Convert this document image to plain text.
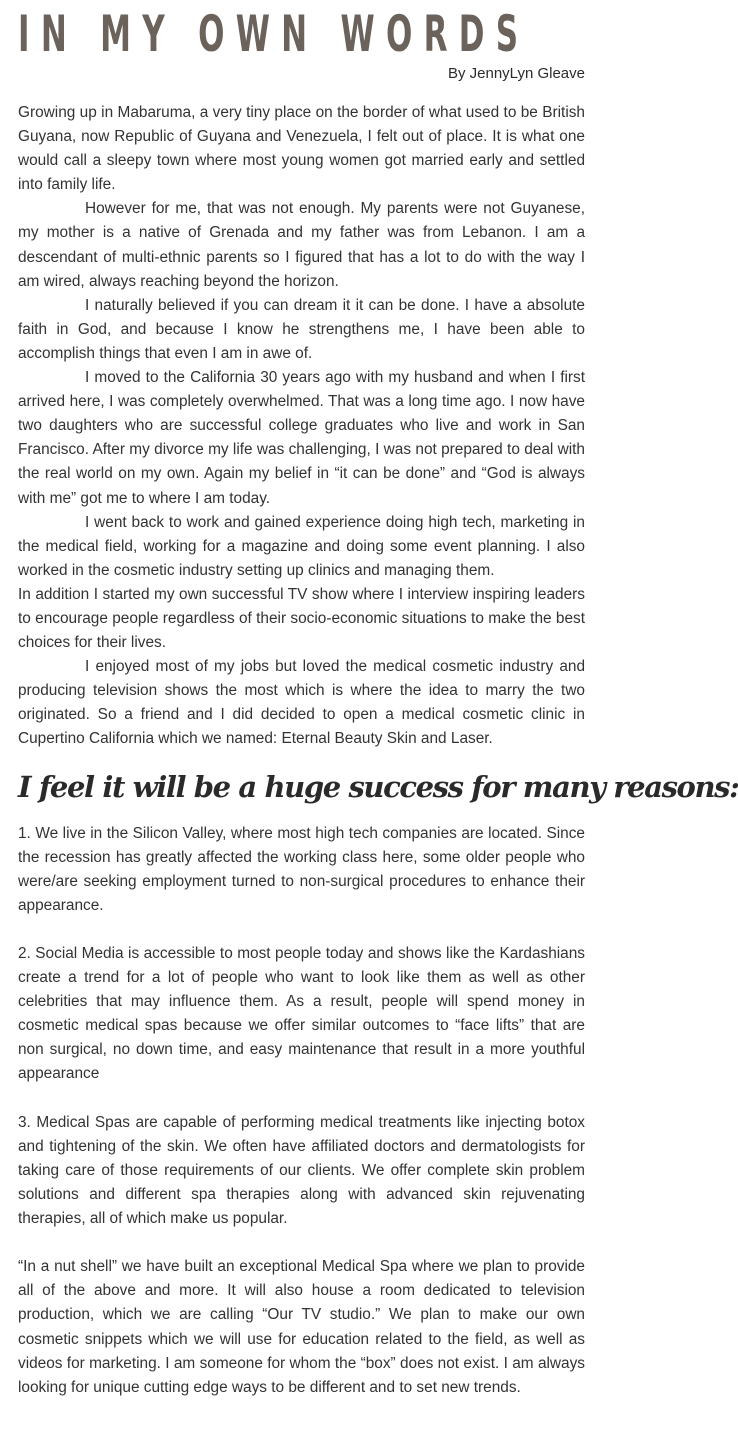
IN MY OWN WORDS
By JennyLyn Gleave

Growing up in Mabaruma, a very tiny place on the border of what used to be British Guyana, now Republic of Guyana and Venezuela, I felt out of place. It is what one would call a sleepy town where most young women got married early and settled into family life.

However for me, that was not enough. My parents were not Guyanese, my mother is a native of Grenada and my father was from Lebanon. I am a descendant of multi-ethnic parents so I figured that has a lot to do with the way I am wired, always reaching beyond the horizon.

I naturally believed if you can dream it it can be done. I have a absolute faith in God, and because I know he strengthens me, I have been able to accomplish things that even I am in awe of.

I moved to the California 30 years ago with my husband and when I first arrived here, I was completely overwhelmed. That was a long time ago. I now have two daughters who are successful college graduates who live and work in San Francisco. After my divorce my life was challenging, I was not prepared to deal with the real world on my own. Again my belief in “it can be done” and “God is always with me” got me to where I am today.

I went back to work and gained experience doing high tech, marketing in the medical field, working for a magazine and doing some event planning. I also worked in the cosmetic industry setting up clinics and managing them.

In addition I started my own successful TV show where I interview inspiring leaders to encourage people regardless of their socio-economic situations to make the best choices for their lives.

I enjoyed most of my jobs but loved the medical cosmetic industry and producing television shows the most which is where the idea to marry the two originated. So a friend and I did decided to open a medical cosmetic clinic in Cupertino California which we named: Eternal Beauty Skin and Laser.

I feel it will be a huge success for many reasons:

1. We live in the Silicon Valley, where most high tech companies are located. Since the recession has greatly affected the working class here, some older people who were/are seeking employment turned to non-surgical procedures to enhance their appearance.

2. Social Media is accessible to most people today and shows like the Kardashians create a trend for a lot of people who want to look like them as well as other celebrities that may influence them. As a result, people will spend money in cosmetic medical spas because we offer similar outcomes to “face lifts” that are non surgical, no down time, and easy maintenance that result in a more youthful appearance

3. Medical Spas are capable of performing medical treatments like injecting botox and tightening of the skin. We often have affiliated doctors and dermatologists for taking care of those requirements of our clients. We offer complete skin problem solutions and different spa therapies along with advanced skin rejuvenating therapies, all of which make us popular.

“In a nut shell” we have built an exceptional Medical Spa where we plan to provide all of the above and more. It will also house a room dedicated to television production, which we are calling “Our TV studio.” We plan to make our own cosmetic snippets which we will use for education related to the field, as well as videos for marketing. I am someone for whom the “box” does not exist. I am always looking for unique cutting edge ways to be different and to set new trends.
